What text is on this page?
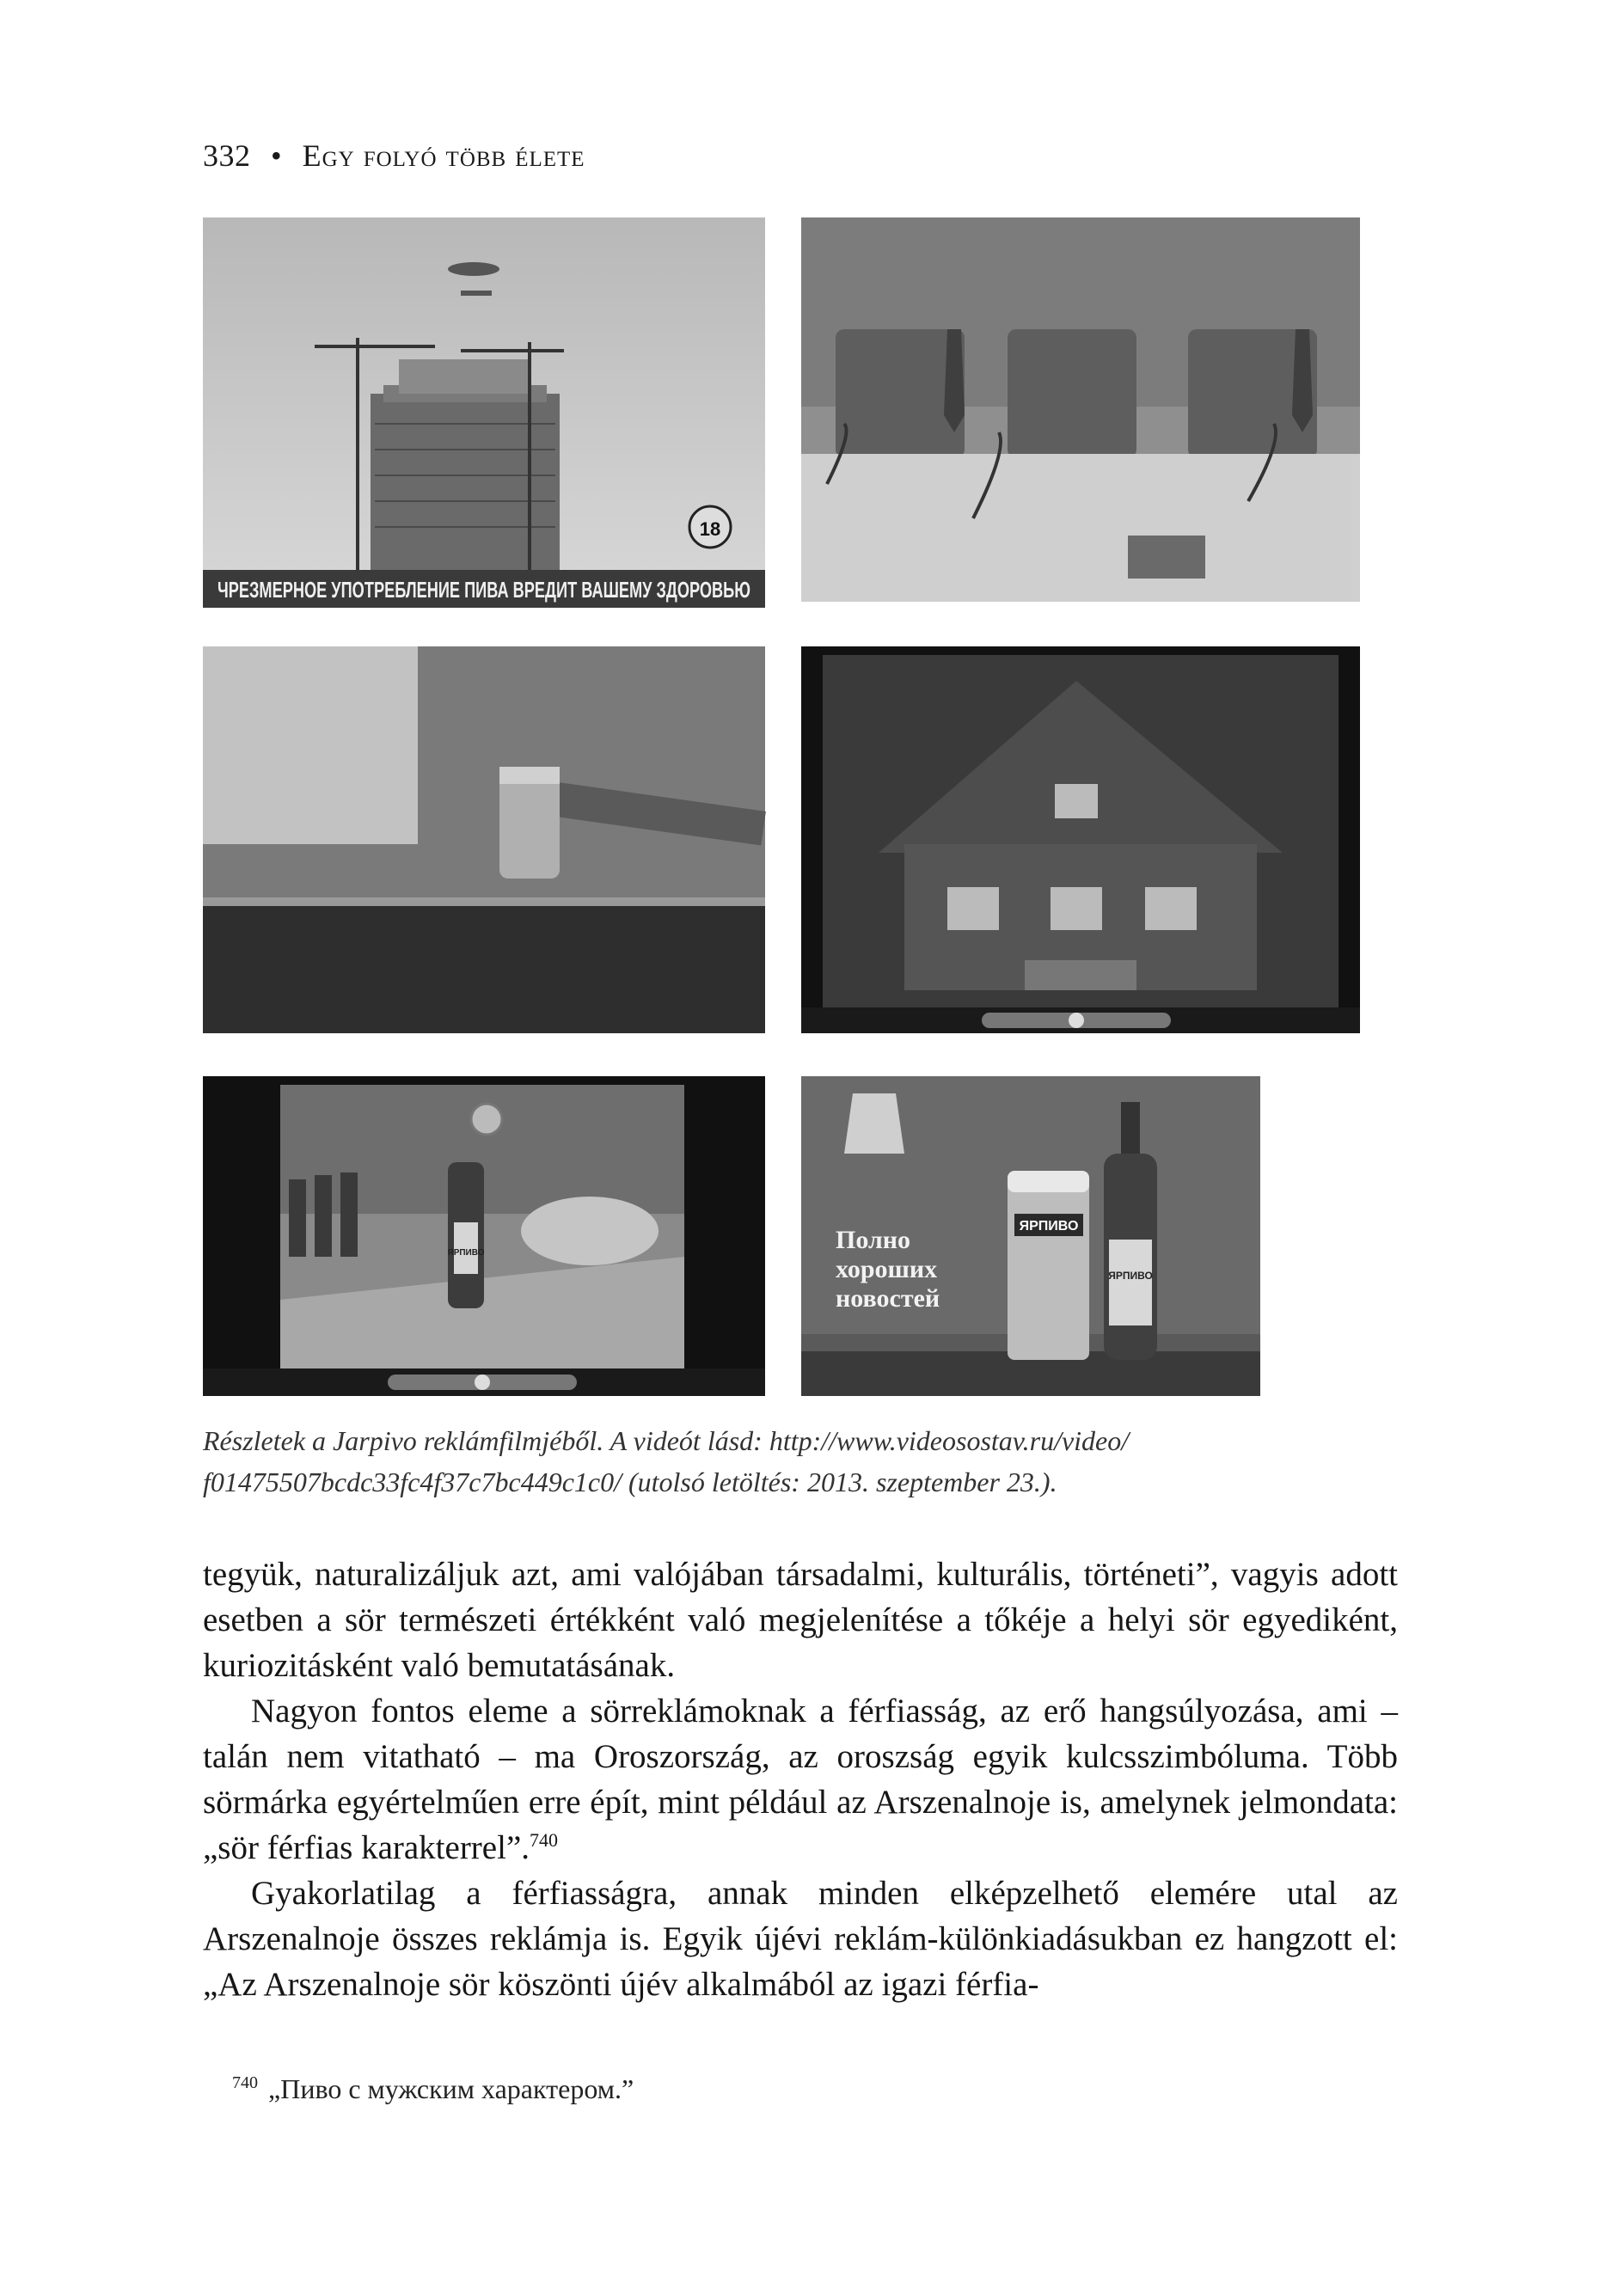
332 • Egy folyó több élete
18
ЧРЕЗМЕРНОЕ УПОТРЕБЛЕНИЕ ПИВА ВРЕДИТ ВАШЕМУ ЗДОРОВЬЮ
ЯРПИВО
ЯРПИВО
ЯРПИВО
Полно
хороших
новостей
Részletek a Jarpivo reklámfilmjéből. A videót lásd: http://www.videosostav.ru/video/
f01475507bcdc33fc4f37c7bc449c1c0/ (utolsó letöltés: 2013. szeptember 23.).

tegyük, naturalizáljuk azt, ami valójában társadalmi, kulturális, történeti”, vagyis adott esetben a sör természeti értékként való megjelenítése a tőkéje a helyi sör egyediként, kuriozitásként való bemutatásának.

Nagyon fontos eleme a sörreklámoknak a férfiasság, az erő hangsúlyozása, ami – talán nem vitatható – ma Oroszország, az oroszság egyik kulcsszimbóluma. Több sörmárka egyértelműen erre épít, mint például az Arszenalnoje is, amelynek jelmondata: „sör férfias karakterrel”.$^{740}$

Gyakorlatilag a férfiasságra, annak minden elképzelhető elemére utal az Arszenalnoje összes reklámja is. Egyik újévi reklám-különkiadásukban ez hangzott el: „Az Arszenalnoje sör köszönti újév alkalmából az igazi férfia-

$^{740}$ „Пиво с мужским характером.”
